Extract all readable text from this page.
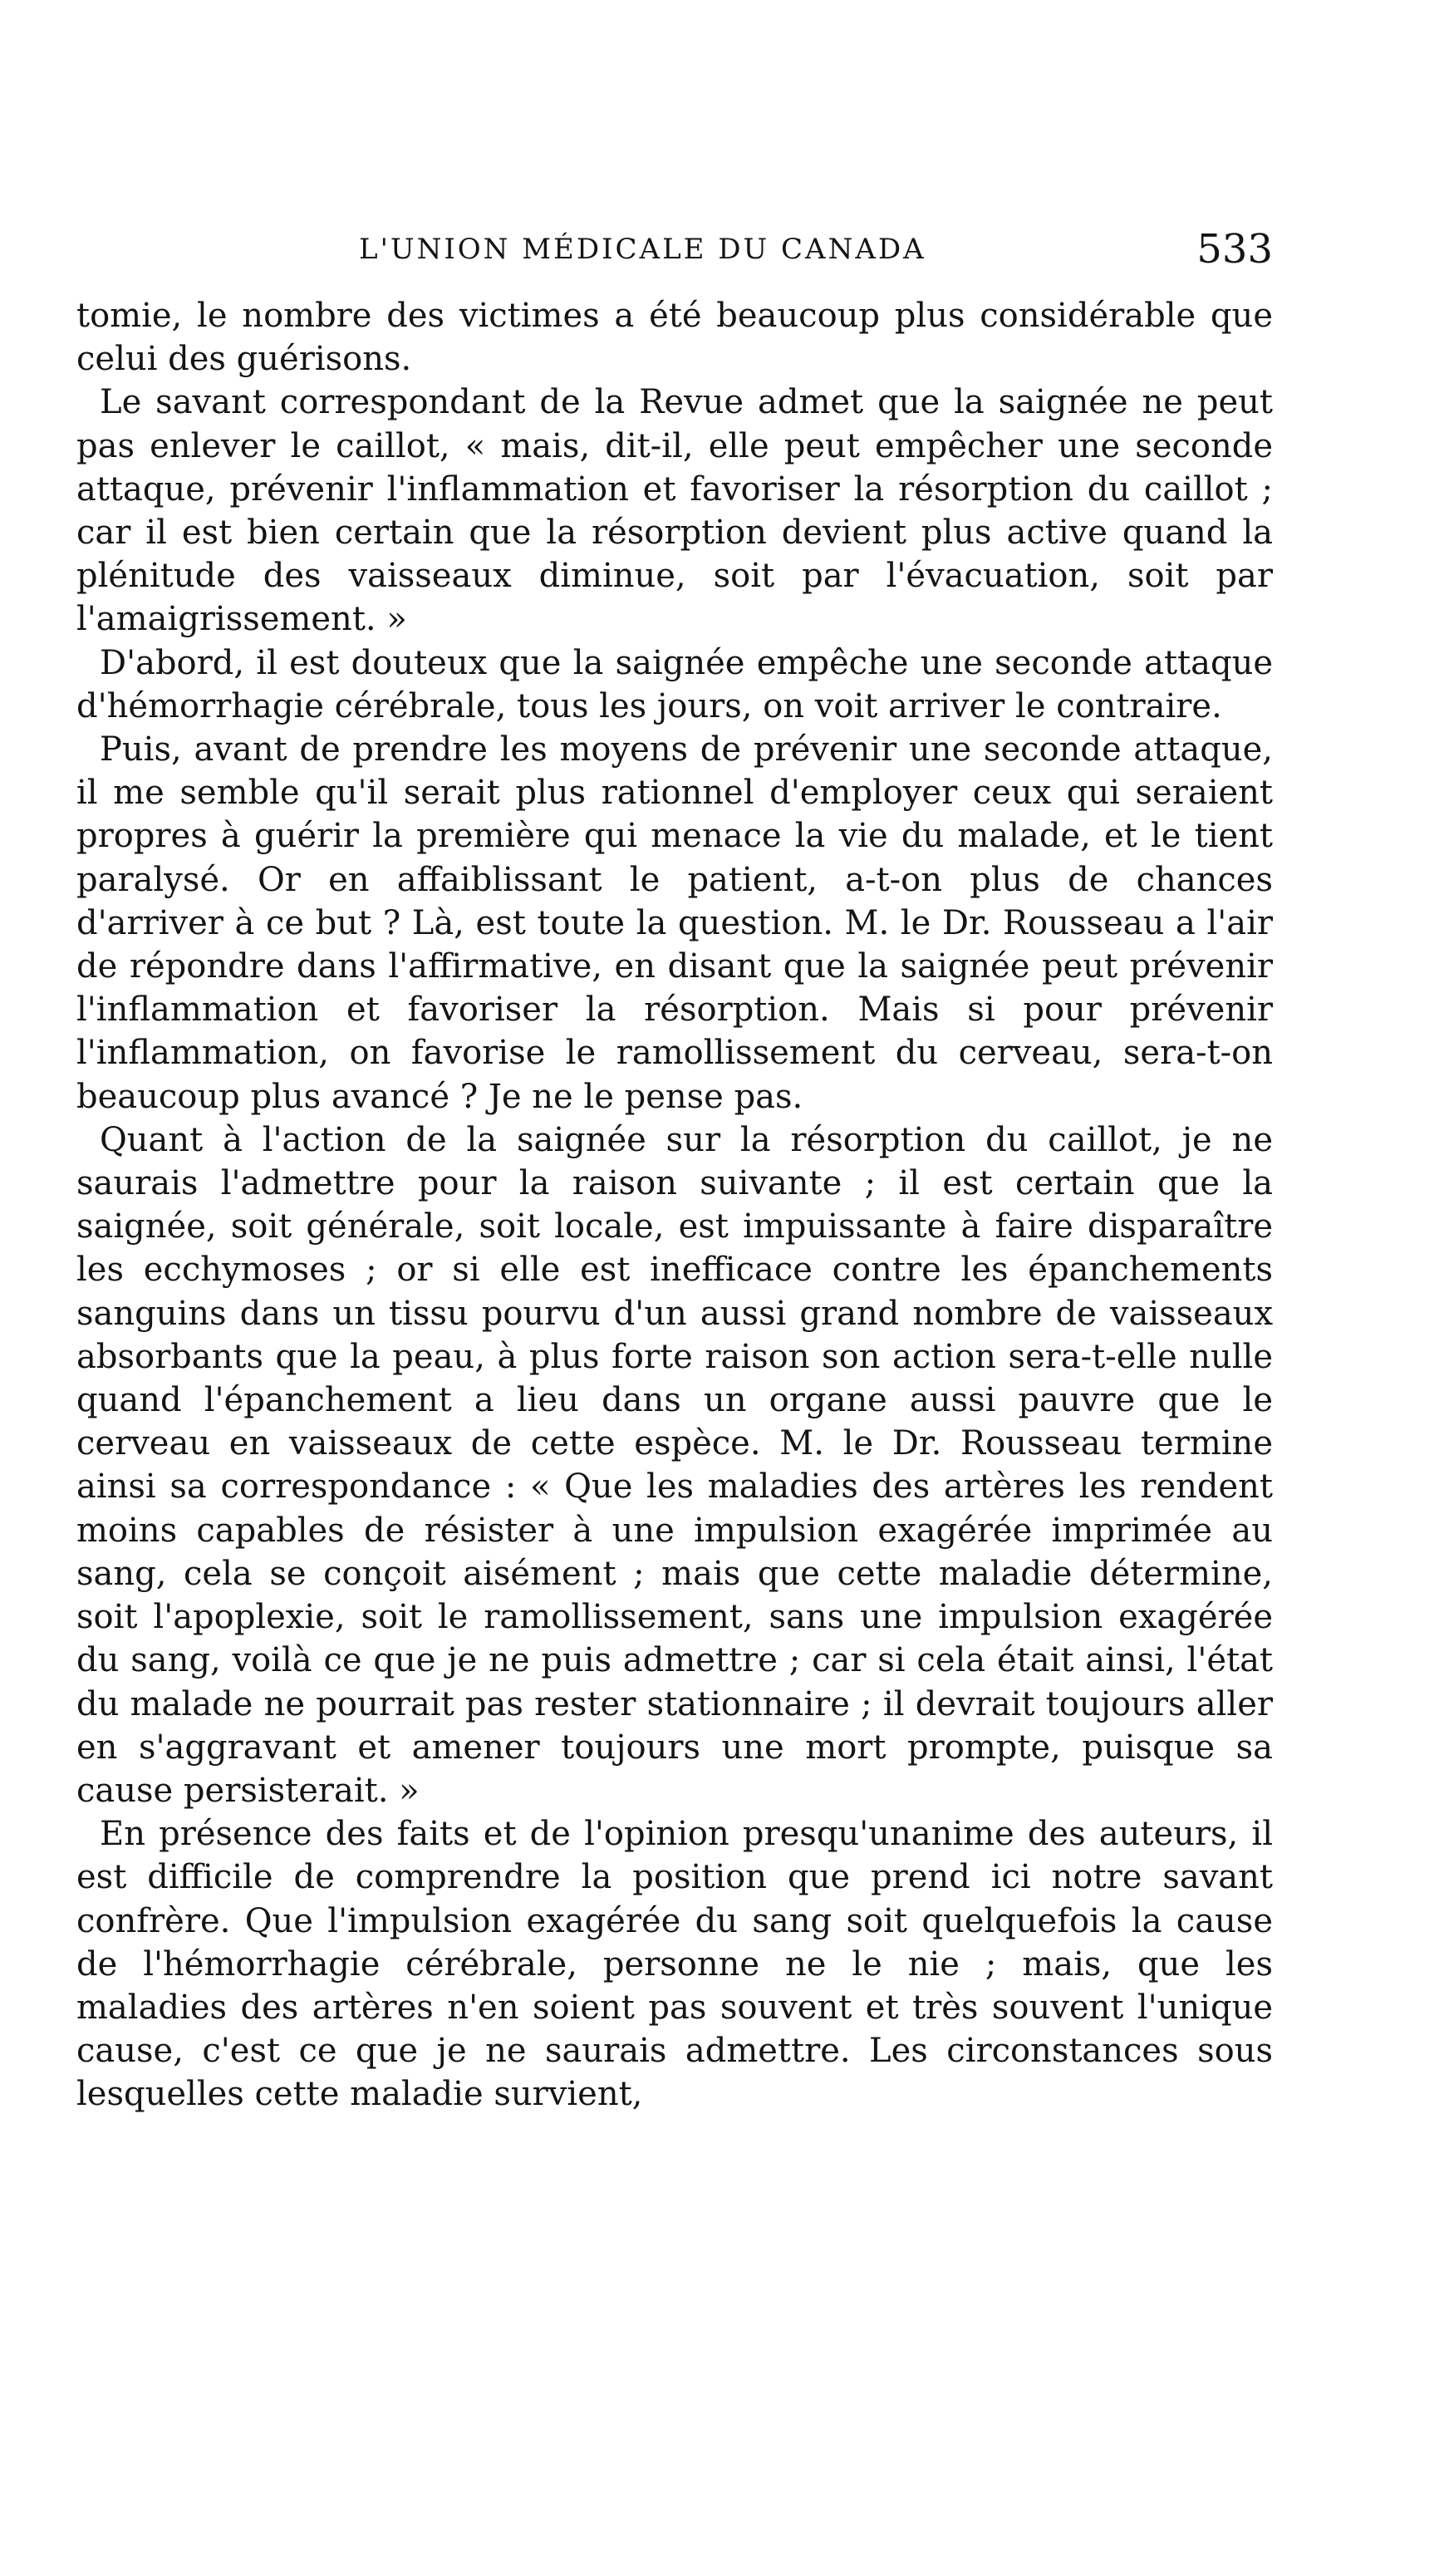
L'UNION MÉDICALE DU CANADA	533

tomie, le nombre des victimes a été beaucoup plus considérable que celui des guérisons.

Le savant correspondant de la Revue admet que la saignée ne peut pas enlever le caillot, « mais, dit-il, elle peut empêcher une seconde attaque, prévenir l'inflammation et favoriser la résorption du caillot ; car il est bien certain que la résorption devient plus active quand la plénitude des vaisseaux diminue, soit par l'évacuation, soit par l'amaigrissement. »

D'abord, il est douteux que la saignée empêche une seconde attaque d'hémorrhagie cérébrale, tous les jours, on voit arriver le contraire.

Puis, avant de prendre les moyens de prévenir une seconde attaque, il me semble qu'il serait plus rationnel d'employer ceux qui seraient propres à guérir la première qui menace la vie du malade, et le tient paralysé. Or en affaiblissant le patient, a-t-on plus de chances d'arriver à ce but ? Là, est toute la question. M. le Dr. Rousseau a l'air de répondre dans l'affirmative, en disant que la saignée peut prévenir l'inflammation et favoriser la résorption. Mais si pour prévenir l'inflammation, on favorise le ramollissement du cerveau, sera-t-on beaucoup plus avancé ? Je ne le pense pas.

Quant à l'action de la saignée sur la résorption du caillot, je ne saurais l'admettre pour la raison suivante ; il est certain que la saignée, soit générale, soit locale, est impuissante à faire disparaître les ecchymoses ; or si elle est inefficace contre les épanchements sanguins dans un tissu pourvu d'un aussi grand nombre de vaisseaux absorbants que la peau, à plus forte raison son action sera-t-elle nulle quand l'épanchement a lieu dans un organe aussi pauvre que le cerveau en vaisseaux de cette espèce. M. le Dr. Rousseau termine ainsi sa correspondance : « Que les maladies des artères les rendent moins capables de résister à une impulsion exagérée imprimée au sang, cela se conçoit aisément ; mais que cette maladie détermine, soit l'apoplexie, soit le ramollissement, sans une impulsion exagérée du sang, voilà ce que je ne puis admettre ; car si cela était ainsi, l'état du malade ne pourrait pas rester stationnaire ; il devrait toujours aller en s'aggravant et amener toujours une mort prompte, puisque sa cause persisterait. »

En présence des faits et de l'opinion presqu'unanime des auteurs, il est difficile de comprendre la position que prend ici notre savant confrère. Que l'impulsion exagérée du sang soit quelquefois la cause de l'hémorrhagie cérébrale, personne ne le nie ; mais, que les maladies des artères n'en soient pas souvent et très souvent l'unique cause, c'est ce que je ne saurais admettre. Les circonstances sous lesquelles cette maladie survient,
